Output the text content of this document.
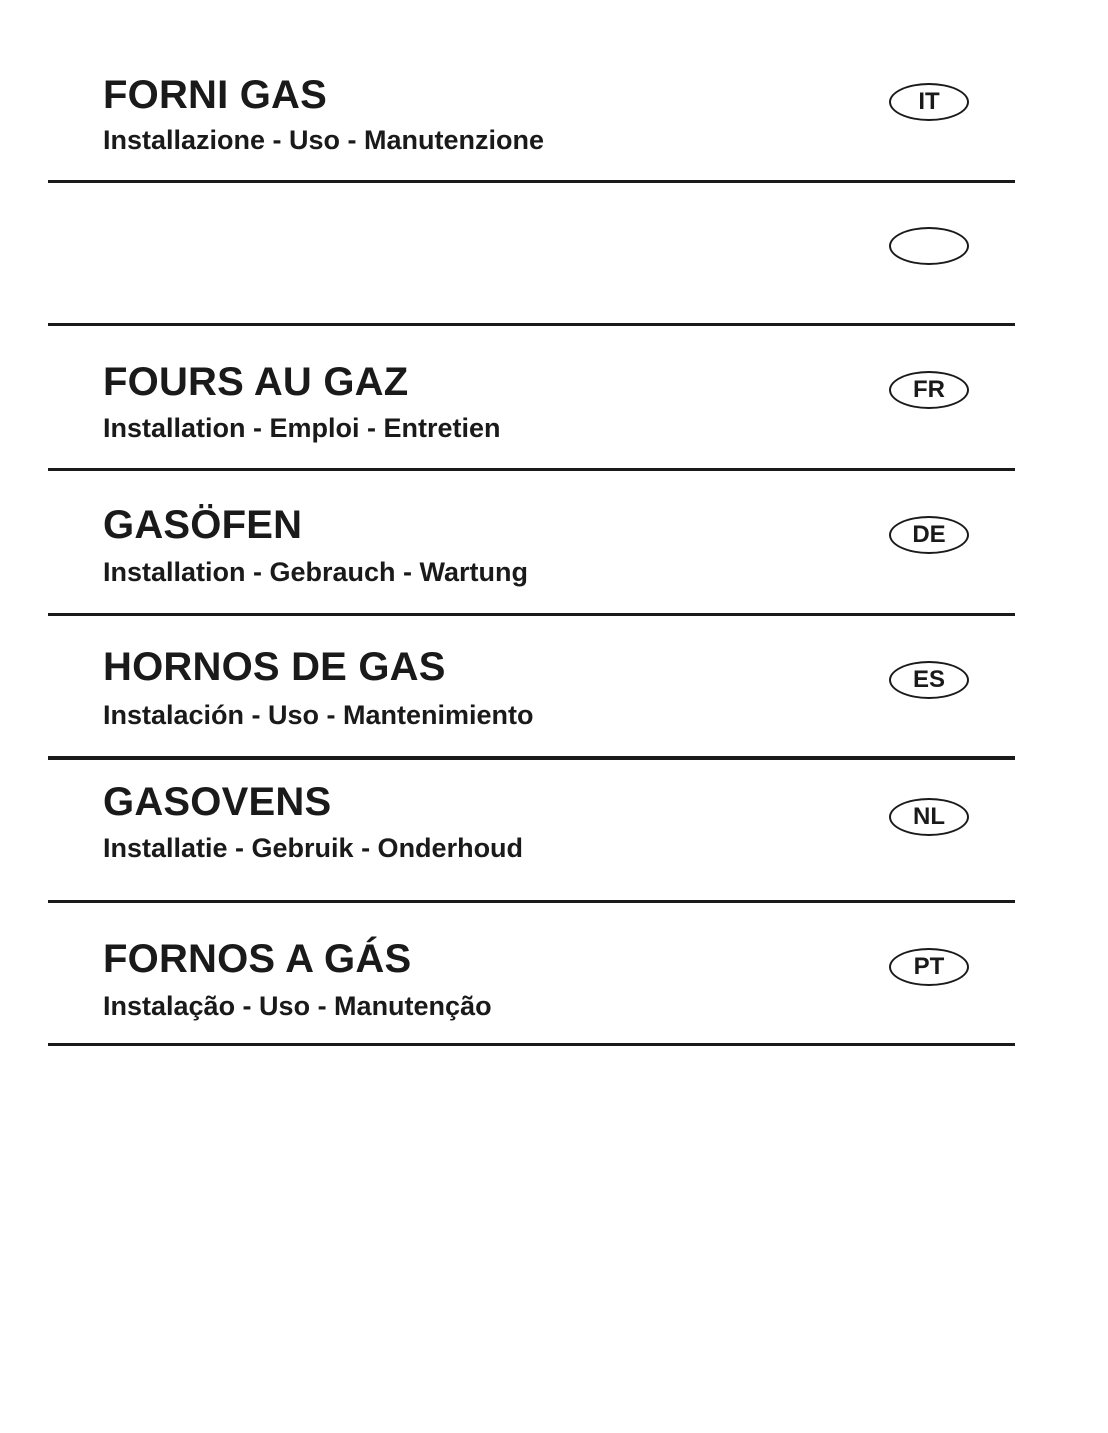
FORNI GAS
Installazione - Uso - Manutenzione
IT
FOURS AU GAZ
Installation - Emploi - Entretien
FR
GASÖFEN
Installation - Gebrauch - Wartung
DE
HORNOS DE GAS
Instalación - Uso - Mantenimiento
ES
GASOVENS
Installatie - Gebruik - Onderhoud
NL
FORNOS A GÁS
Instalação - Uso - Manutenção
PT
